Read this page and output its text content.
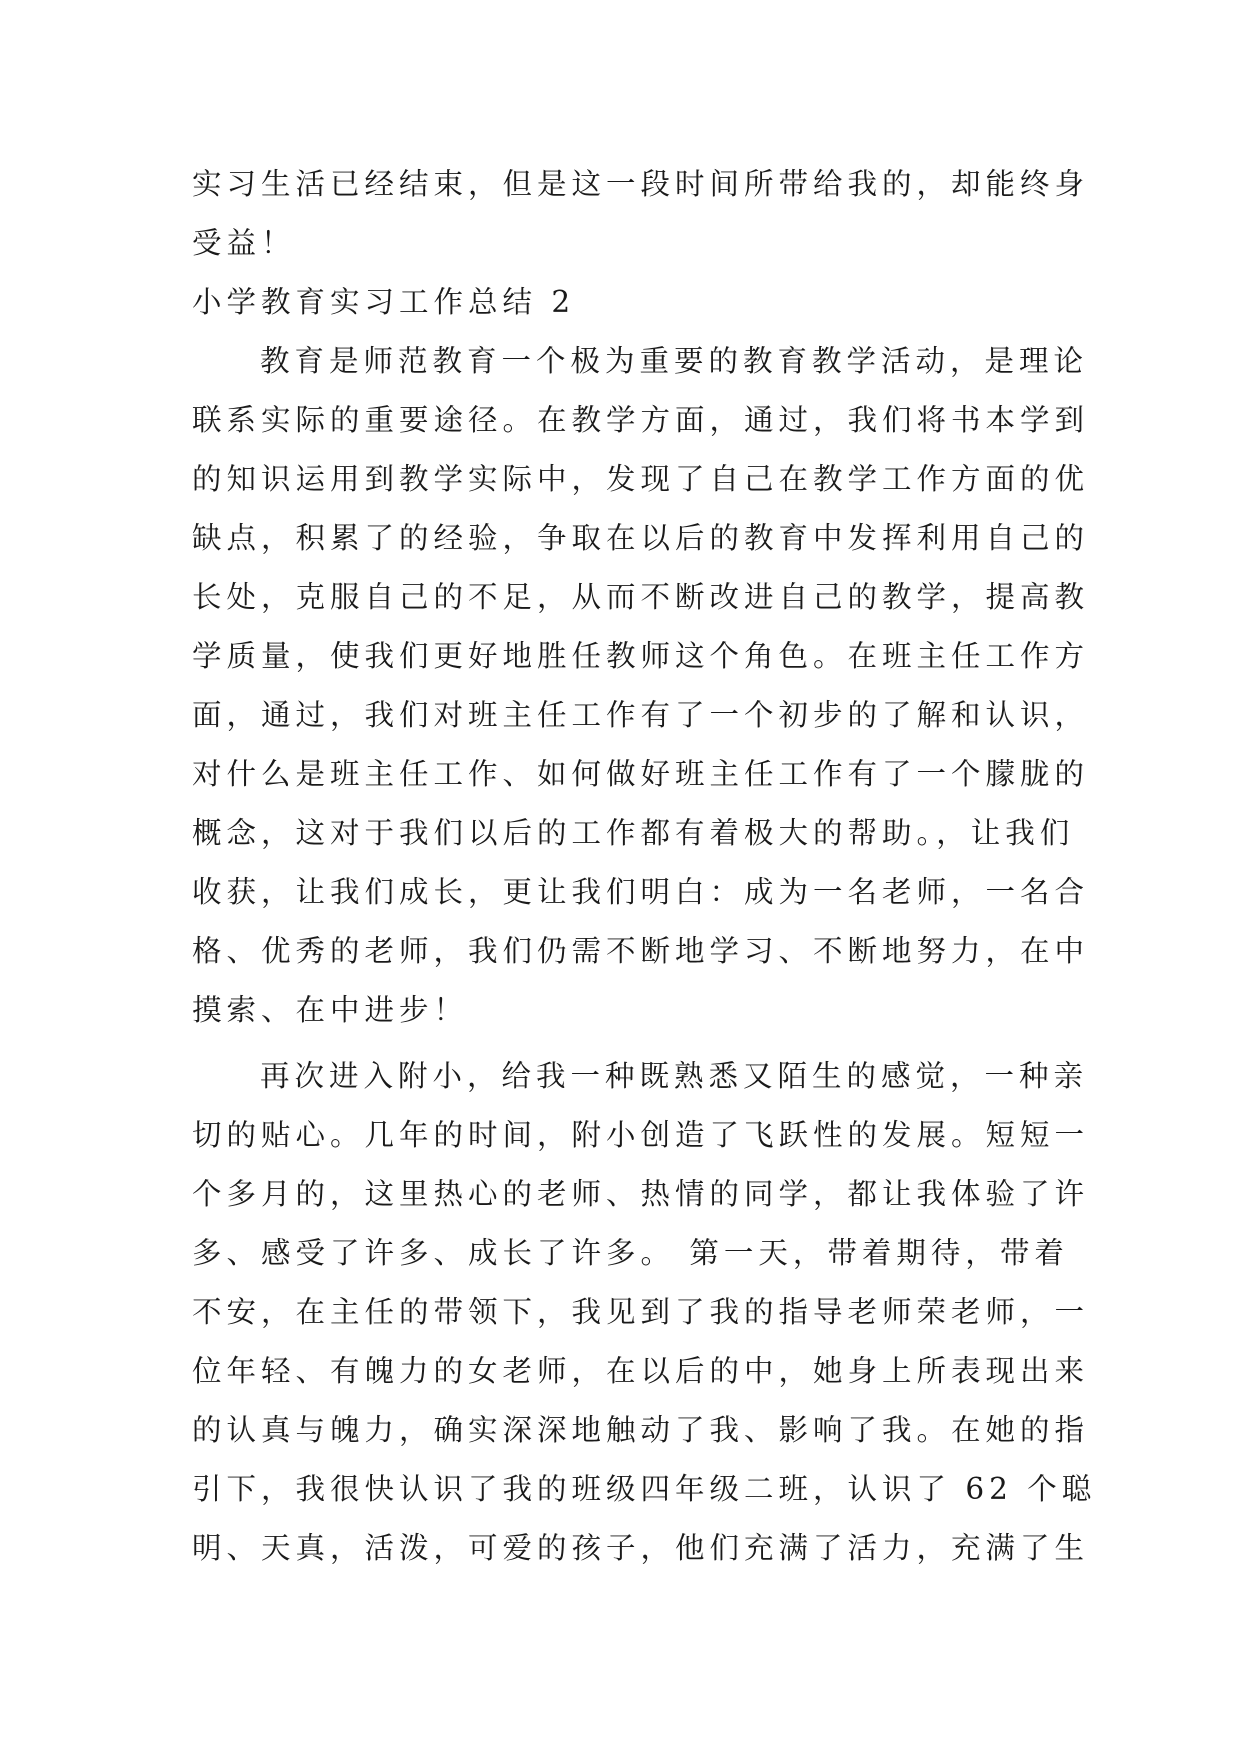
实习生活已经结束，但是这一段时间所带给我的，却能终身
受益！
小学教育实习工作总结 2
教育是师范教育一个极为重要的教育教学活动，是理论
联系实际的重要途径。在教学方面，通过，我们将书本学到
的知识运用到教学实际中，发现了自己在教学工作方面的优
缺点，积累了的经验，争取在以后的教育中发挥利用自己的
长处，克服自己的不足，从而不断改进自己的教学，提高教
学质量，使我们更好地胜任教师这个角色。在班主任工作方
面，通过，我们对班主任工作有了一个初步的了解和认识，
对什么是班主任工作、如何做好班主任工作有了一个朦胧的
概念，这对于我们以后的工作都有着极大的帮助。，让我们
收获，让我们成长，更让我们明白：成为一名老师，一名合
格、优秀的老师，我们仍需不断地学习、不断地努力，在中
摸索、在中进步！
再次进入附小，给我一种既熟悉又陌生的感觉，一种亲
切的贴心。几年的时间，附小创造了飞跃性的发展。短短一
个多月的，这里热心的老师、热情的同学，都让我体验了许
多、感受了许多、成长了许多。 第一天，带着期待，带着
不安，在主任的带领下，我见到了我的指导老师荣老师，一
位年轻、有魄力的女老师，在以后的中，她身上所表现出来
的认真与魄力，确实深深地触动了我、影响了我。在她的指
引下，我很快认识了我的班级四年级二班，认识了 62 个聪
明、天真，活泼，可爱的孩子，他们充满了活力，充满了生
